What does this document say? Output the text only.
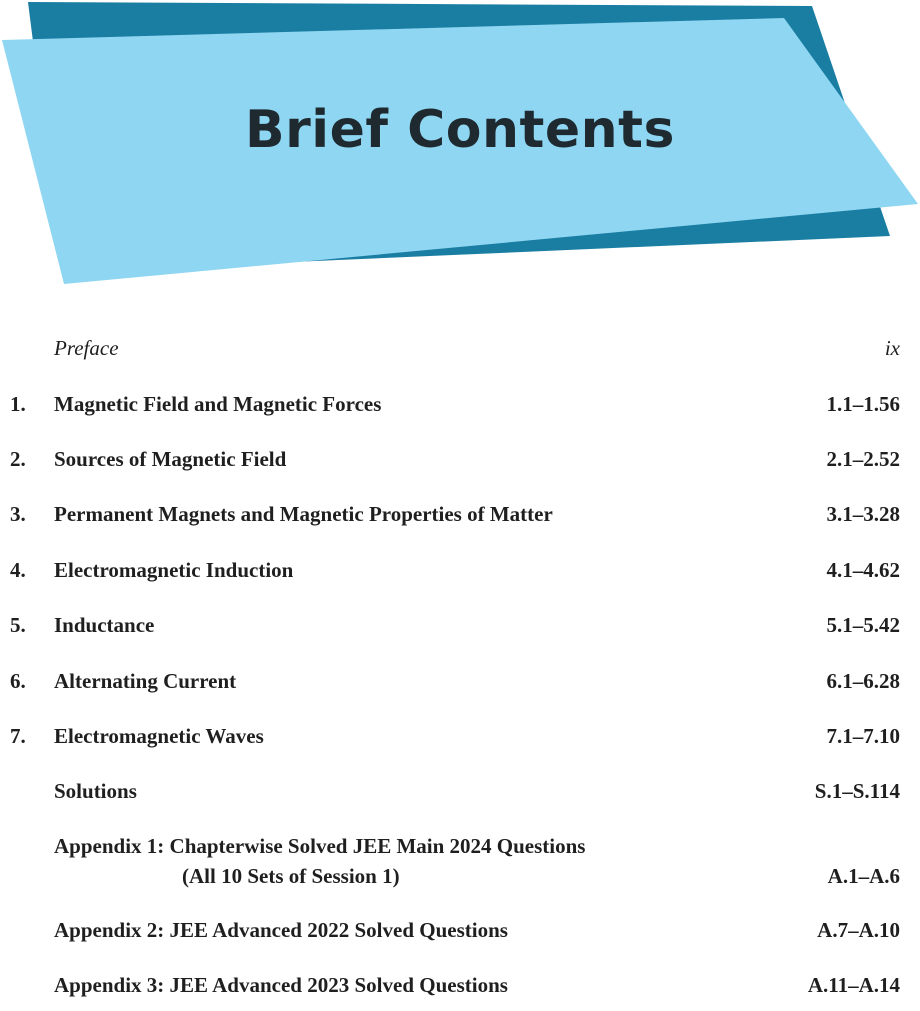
Brief Contents
Preface	ix
1. Magnetic Field and Magnetic Forces	1.1–1.56
2. Sources of Magnetic Field	2.1–2.52
3. Permanent Magnets and Magnetic Properties of Matter	3.1–3.28
4. Electromagnetic Induction	4.1–4.62
5. Inductance	5.1–5.42
6. Alternating Current	6.1–6.28
7. Electromagnetic Waves	7.1–7.10
Solutions	S.1–S.114
Appendix 1: Chapterwise Solved JEE Main 2024 Questions
(All 10 Sets of Session 1)	A.1–A.6
Appendix 2: JEE Advanced 2022 Solved Questions	A.7–A.10
Appendix 3: JEE Advanced 2023 Solved Questions	A.11–A.14
